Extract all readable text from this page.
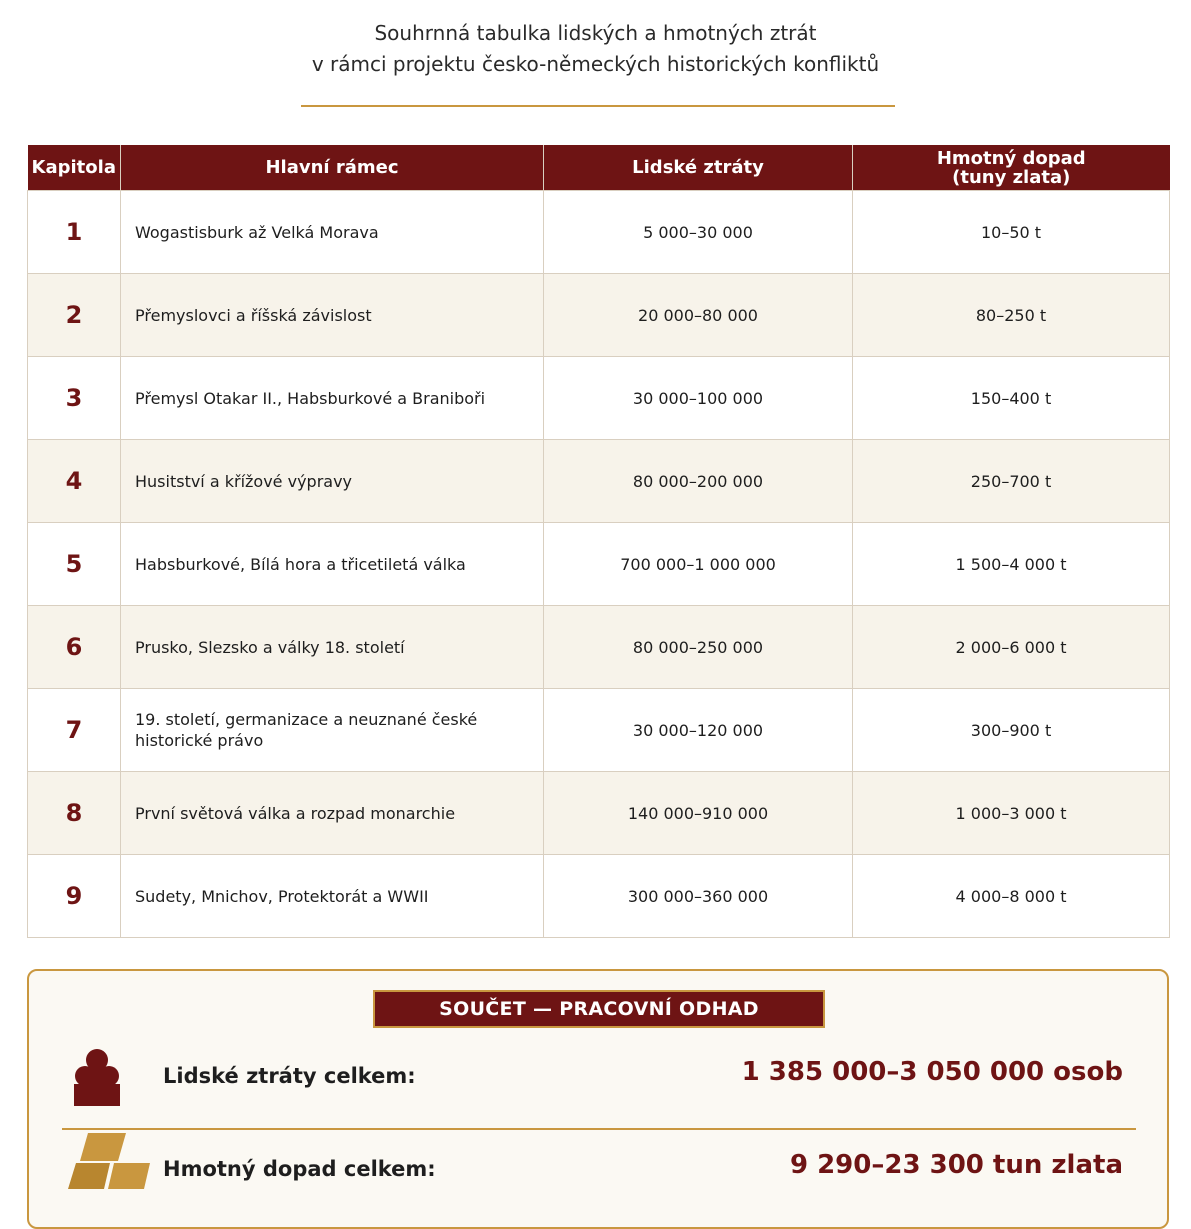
Souhrnná tabulka lidských a hmotných ztrát
v rámci projektu česko-německých historických konfliktů
Kapitola	Hlavní rámec	Lidské ztráty	Hmotný dopad
(tuny zlata)

1	Wogastisburk až Velká Morava	5 000–30 000	10–50 t
2	Přemyslovci a říšská závislost	20 000–80 000	80–250 t
3	Přemysl Otakar II., Habsburkové a Braniboři	30 000–100 000	150–400 t
4	Husitství a křížové výpravy	80 000–200 000	250–700 t
5	Habsburkové, Bílá hora a třicetiletá válka	700 000–1 000 000	1 500–4 000 t
6	Prusko, Slezsko a války 18. století	80 000–250 000	2 000–6 000 t
7	19. století, germanizace a neuznané české historické právo	30 000–120 000	300–900 t
8	První světová válka a rozpad monarchie	140 000–910 000	1 000–3 000 t
9	Sudety, Mnichov, Protektorát a WWII	300 000–360 000	4 000–8 000 t
SOUČET — PRACOVNÍ ODHAD
Lidské ztráty celkem:	1 385 000–3 050 000 osob
Hmotný dopad celkem:	9 290–23 300 tun zlata
